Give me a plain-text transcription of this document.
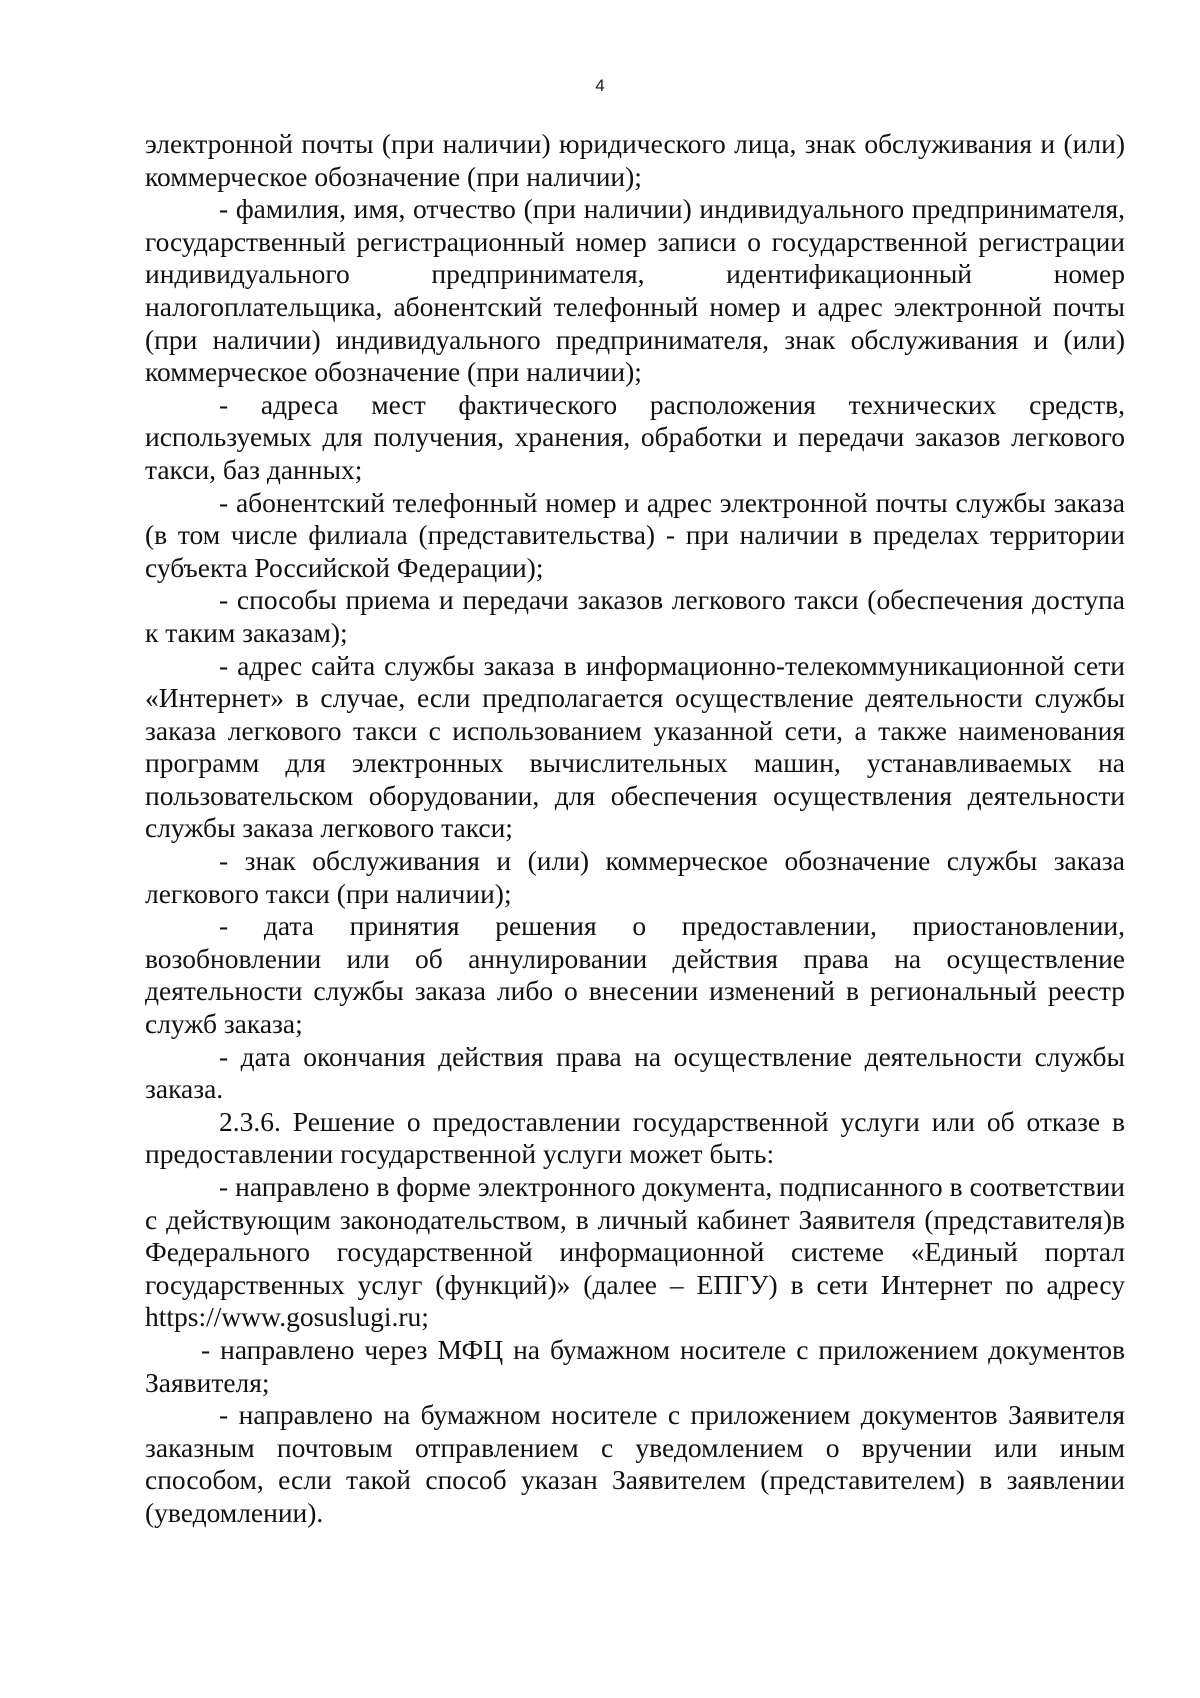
4

электронной почты (при наличии) юридического лица, знак обслуживания и (или) коммерческое обозначение (при наличии);

- фамилия, имя, отчество (при наличии) индивидуального предпринимателя, государственный регистрационный номер записи о государственной регистрации индивидуального предпринимателя, идентификационный номер налогоплательщика, абонентский телефонный номер и адрес электронной почты (при наличии) индивидуального предпринимателя, знак обслуживания и (или) коммерческое обозначение (при наличии);

- адреса мест фактического расположения технических средств, используемых для получения, хранения, обработки и передачи заказов легкового такси, баз данных;

- абонентский телефонный номер и адрес электронной почты службы заказа (в том числе филиала (представительства) - при наличии в пределах территории субъекта Российской Федерации);

- способы приема и передачи заказов легкового такси (обеспечения доступа к таким заказам);

- адрес сайта службы заказа в информационно-телекоммуникационной сети «Интернет» в случае, если предполагается осуществление деятельности службы заказа легкового такси с использованием указанной сети, а также наименования программ для электронных вычислительных машин, устанавливаемых на пользовательском оборудовании, для обеспечения осуществления деятельности службы заказа легкового такси;

- знак обслуживания и (или) коммерческое обозначение службы заказа легкового такси (при наличии);

- дата принятия решения о предоставлении, приостановлении, возобновлении или об аннулировании действия права на осуществление деятельности службы заказа либо о внесении изменений в региональный реестр служб заказа;

- дата окончания действия права на осуществление деятельности службы заказа.

2.3.6. Решение о предоставлении государственной услуги или об отказе в предоставлении государственной услуги может быть:

- направлено в форме электронного документа, подписанного в соответствии с действующим законодательством, в личный кабинет Заявителя (представителя)в Федерального государственной информационной системе «Единый портал государственных услуг (функций)» (далее – ЕПГУ) в сети Интернет по адресу https://www.gosuslugi.ru;

- направлено через МФЦ на бумажном носителе с приложением документов Заявителя;

- направлено на бумажном носителе с приложением документов Заявителя заказным почтовым отправлением с уведомлением о вручении или иным способом, если такой способ указан Заявителем (представителем) в заявлении (уведомлении).
